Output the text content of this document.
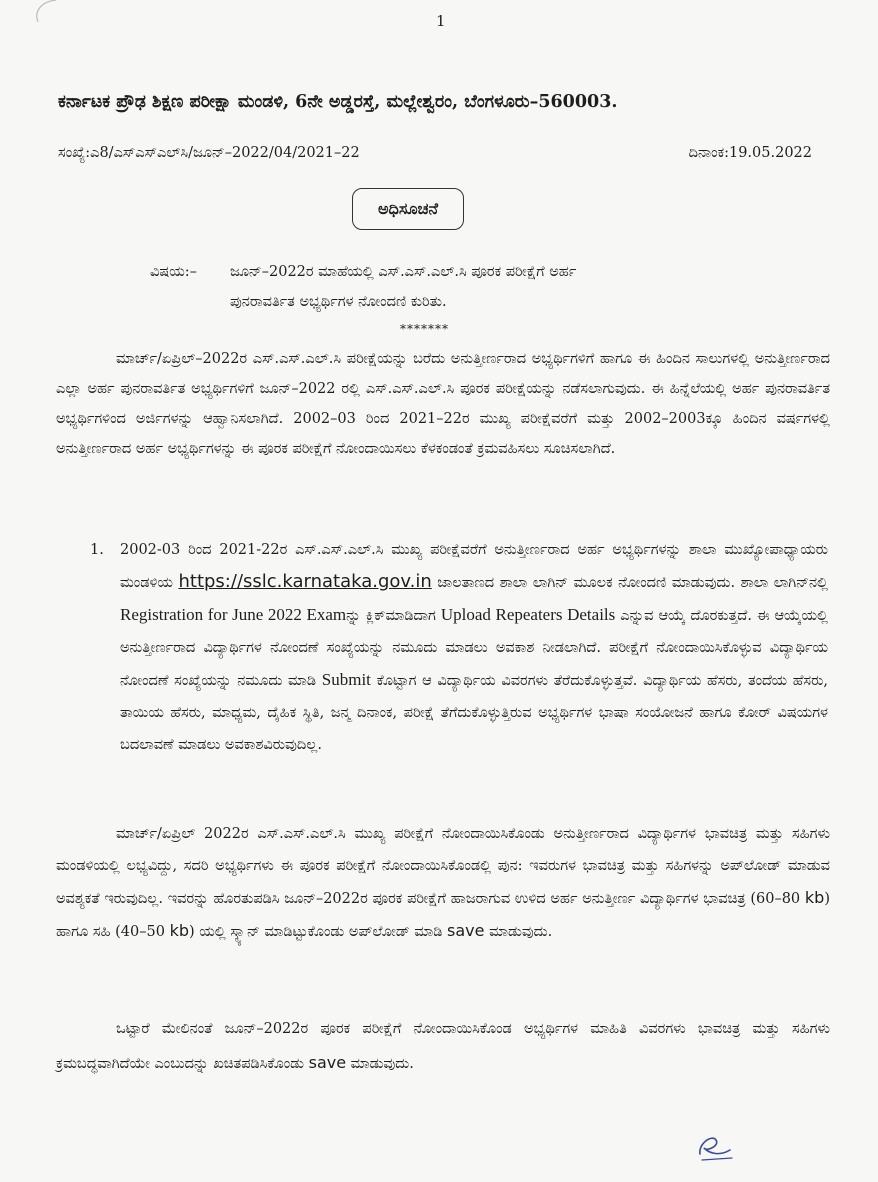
1
ಕರ್ನಾಟಕ ಪ್ರೌಢ ಶಿಕ್ಷಣ ಪರೀಕ್ಷಾ ಮಂಡಳಿ, 6ನೇ ಅಡ್ಡರಸ್ತೆ, ಮಲ್ಲೇಶ್ವರಂ, ಬೆಂಗಳೂರು–560003.
ಸಂಖ್ಯೆ:ಎ8/ಎಸ್‌ಎಸ್‌ಎಲ್‌ಸಿ/ಜೂನ್–2022/04/2021–22	ದಿನಾಂಕ:19.05.2022
ಅಧಿಸೂಚನೆ
ವಿಷಯ:– ಜೂನ್–2022ರ ಮಾಹೆಯಲ್ಲಿ ಎಸ್.ಎಸ್.ಎಲ್.ಸಿ ಪೂರಕ ಪರೀಕ್ಷೆಗೆ ಅರ್ಹ
ಪುನರಾವರ್ತಿತ ಅಭ್ಯರ್ಥಿಗಳ ನೋಂದಣಿ ಕುರಿತು.
*******
ಮಾರ್ಚ್/ಏಪ್ರಿಲ್–2022ರ ಎಸ್.ಎಸ್.ಎಲ್.ಸಿ ಪರೀಕ್ಷೆಯನ್ನು ಬರೆದು ಅನುತ್ತೀರ್ಣರಾದ ಅಭ್ಯರ್ಥಿಗಳಿಗೆ ಹಾಗೂ ಈ ಹಿಂದಿನ ಸಾಲುಗಳಲ್ಲಿ ಅನುತ್ತೀರ್ಣರಾದ ಎಲ್ಲಾ ಅರ್ಹ ಪುನರಾವರ್ತಿತ ಅಭ್ಯರ್ಥಿಗಳಿಗೆ ಜೂನ್–2022 ರಲ್ಲಿ ಎಸ್.ಎಸ್.ಎಲ್.ಸಿ ಪೂರಕ ಪರೀಕ್ಷೆಯನ್ನು ನಡೆಸಲಾಗುವುದು. ಈ ಹಿನ್ನೆಲೆಯಲ್ಲಿ ಅರ್ಹ ಪುನರಾವರ್ತಿತ ಅಭ್ಯರ್ಥಿಗಳಿಂದ ಅರ್ಜಿಗಳನ್ನು ಆಹ್ವಾನಿಸಲಾಗಿದೆ. 2002–03 ರಿಂದ 2021–22ರ ಮುಖ್ಯ ಪರೀಕ್ಷೆವರೆಗೆ ಮತ್ತು 2002–2003ಕ್ಕೂ ಹಿಂದಿನ ವರ್ಷಗಳಲ್ಲಿ ಅನುತ್ತೀರ್ಣರಾದ ಅರ್ಹ ಅಭ್ಯರ್ಥಿಗಳನ್ನು ಈ ಪೂರಕ ಪರೀಕ್ಷೆಗೆ ನೋಂದಾಯಿಸಲು ಕೆಳಕಂಡಂತೆ ಕ್ರಮವಹಿಸಲು ಸೂಚಿಸಲಾಗಿದೆ.
1. 2002-03 ರಿಂದ 2021-22ರ ಎಸ್.ಎಸ್.ಎಲ್.ಸಿ ಮುಖ್ಯ ಪರೀಕ್ಷೆವರೆಗೆ ಅನುತ್ತೀರ್ಣರಾದ ಅರ್ಹ ಅಭ್ಯರ್ಥಿಗಳನ್ನು ಶಾಲಾ ಮುಖ್ಯೋಪಾಧ್ಯಾಯರು ಮಂಡಳಿಯ https://sslc.karnataka.gov.in ಜಾಲತಾಣದ ಶಾಲಾ ಲಾಗಿನ್ ಮೂಲಕ ನೋಂದಣಿ ಮಾಡುವುದು. ಶಾಲಾ ಲಾಗಿನ್‌ನಲ್ಲಿ Registration for June 2022 Examನ್ನು ಕ್ಲಿಕ್‌ಮಾಡಿದಾಗ Upload Repeaters Details ಎನ್ನುವ ಆಯ್ಕೆ ದೊರಕುತ್ತದೆ. ಈ ಆಯ್ಕೆಯಲ್ಲಿ ಅನುತ್ತೀರ್ಣರಾದ ವಿದ್ಯಾರ್ಥಿಗಳ ನೋಂದಣೆ ಸಂಖ್ಯೆಯನ್ನು ನಮೂದು ಮಾಡಲು ಅವಕಾಶ ನೀಡಲಾಗಿದೆ. ಪರೀಕ್ಷೆಗೆ ನೋಂದಾಯಿಸಿಕೊಳ್ಳುವ ವಿದ್ಯಾರ್ಥಿಯ ನೋಂದಣೆ ಸಂಖ್ಯೆಯನ್ನು ನಮೂದು ಮಾಡಿ Submit ಕೊಟ್ಟಾಗ ಆ ವಿದ್ಯಾರ್ಥಿಯ ವಿವರಗಳು ತೆರೆದುಕೊಳ್ಳುತ್ತವೆ. ವಿದ್ಯಾರ್ಥಿಯ ಹೆಸರು, ತಂದೆಯ ಹೆಸರು, ತಾಯಿಯ ಹೆಸರು, ಮಾಧ್ಯಮ, ದೈಹಿಕ ಸ್ಥಿತಿ, ಜನ್ಮ ದಿನಾಂಕ, ಪರೀಕ್ಷೆ ತೆಗೆದುಕೊಳ್ಳುತ್ತಿರುವ ಅಭ್ಯರ್ಥಿಗಳ ಭಾಷಾ ಸಂಯೋಜನೆ ಹಾಗೂ ಕೋರ್ ವಿಷಯಗಳ ಬದಲಾವಣೆ ಮಾಡಲು ಅವಕಾಶವಿರುವುದಿಲ್ಲ.
ಮಾರ್ಚ್/ಏಪ್ರಿಲ್ 2022ರ ಎಸ್.ಎಸ್.ಎಲ್.ಸಿ ಮುಖ್ಯ ಪರೀಕ್ಷೆಗೆ ನೋಂದಾಯಿಸಿಕೊಂಡು ಅನುತ್ತೀರ್ಣರಾದ ವಿದ್ಯಾರ್ಥಿಗಳ ಭಾವಚಿತ್ರ ಮತ್ತು ಸಹಿಗಳು ಮಂಡಳಿಯಲ್ಲಿ ಲಭ್ಯವಿದ್ದು, ಸದರಿ ಅಭ್ಯರ್ಥಿಗಳು ಈ ಪೂರಕ ಪರೀಕ್ಷೆಗೆ ನೋಂದಾಯಿಸಿಕೊಂಡಲ್ಲಿ ಪುನ: ಇವರುಗಳ ಭಾವಚಿತ್ರ ಮತ್ತು ಸಹಿಗಳನ್ನು ಅಪ್‌ಲೋಡ್ ಮಾಡುವ ಅವಶ್ಯಕತೆ ಇರುವುದಿಲ್ಲ. ಇವರನ್ನು ಹೊರತುಪಡಿಸಿ ಜೂನ್–2022ರ ಪೂರಕ ಪರೀಕ್ಷೆಗೆ ಹಾಜರಾಗುವ ಉಳಿದ ಅರ್ಹ ಅನುತ್ತೀರ್ಣ ವಿದ್ಯಾರ್ಥಿಗಳ ಭಾವಚಿತ್ರ (60–80 kb) ಹಾಗೂ ಸಹಿ (40–50 kb) ಯಲ್ಲಿ ಸ್ಕ್ಯಾನ್ ಮಾಡಿಟ್ಟುಕೊಂಡು ಅಪ್‌ಲೋಡ್ ಮಾಡಿ save ಮಾಡುವುದು.
ಒಟ್ಟಾರೆ ಮೇಲಿನಂತೆ ಜೂನ್–2022ರ ಪೂರಕ ಪರೀಕ್ಷೆಗೆ ನೋಂದಾಯಿಸಿಕೊಂಡ ಅಭ್ಯರ್ಥಿಗಳ ಮಾಹಿತಿ ವಿವರಗಳು ಭಾವಚಿತ್ರ ಮತ್ತು ಸಹಿಗಳು ಕ್ರಮಬದ್ಧವಾಗಿದೆಯೇ ಎಂಬುದನ್ನು ಖಚಿತಪಡಿಸಿಕೊಂಡು save ಮಾಡುವುದು.
